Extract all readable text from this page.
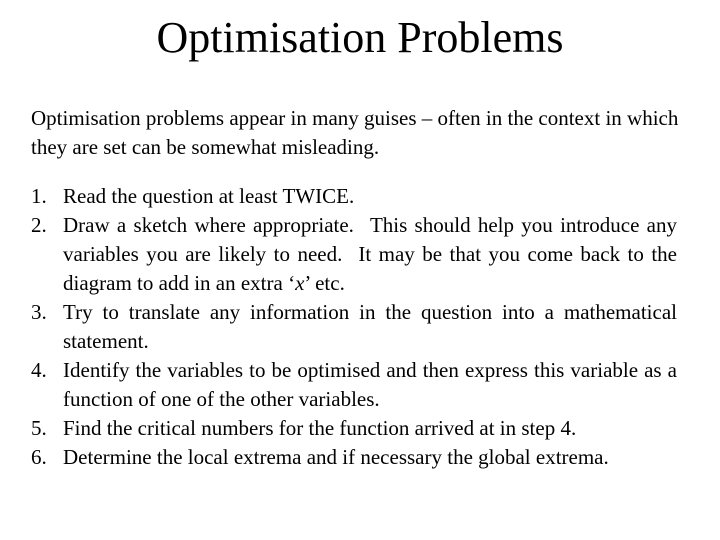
Optimisation Problems

Optimisation problems appear in many guises – often in the context in which they are set can be somewhat misleading.

1. Read the question at least TWICE.
2. Draw a sketch where appropriate. This should help you introduce any variables you are likely to need. It may be that you come back to the diagram to add in an extra ‘x’ etc.
3. Try to translate any information in the question into a mathematical statement.
4. Identify the variables to be optimised and then express this variable as a function of one of the other variables.
5. Find the critical numbers for the function arrived at in step 4.
6. Determine the local extrema and if necessary the global extrema.
